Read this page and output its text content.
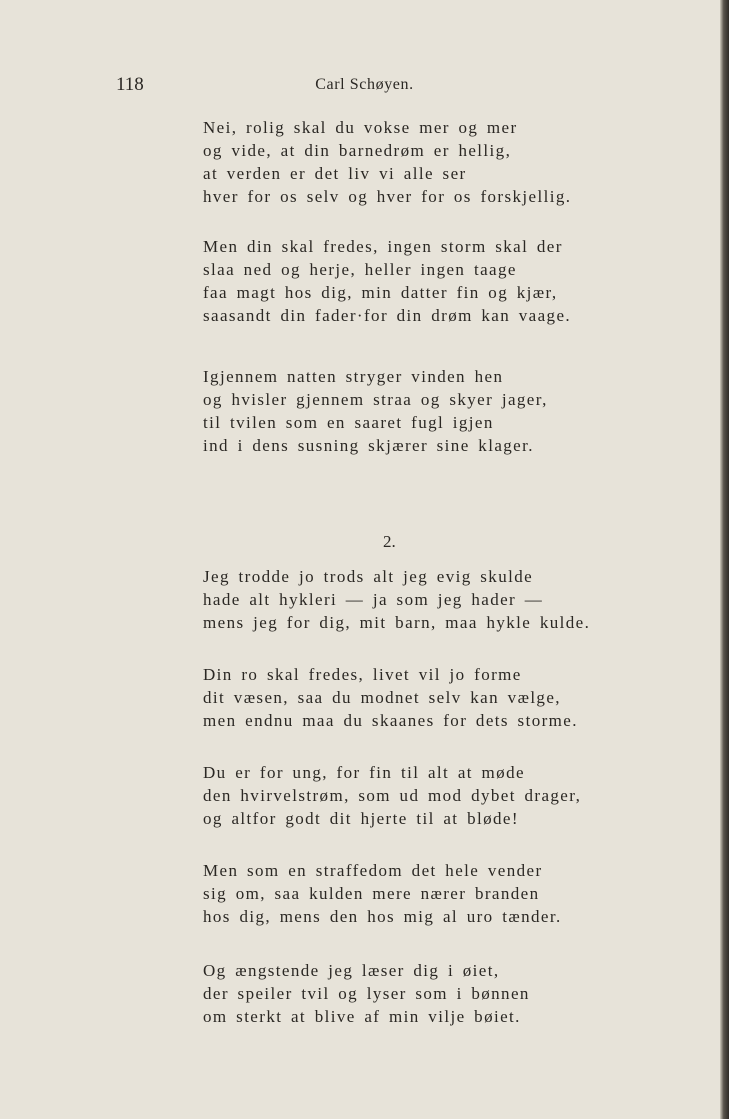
118	Carl Schøyen.
Nei, rolig skal du vokse mer og mer
og vide, at din barnedrøm er hellig,
at verden er det liv vi alle ser
hver for os selv og hver for os forskjellig.
Men din skal fredes, ingen storm skal der
slaa ned og herje, heller ingen taage
faa magt hos dig, min datter fin og kjær,
saasandt din fader·for din drøm kan vaage.
Igjennem natten stryger vinden hen
og hvisler gjennem straa og skyer jager,
til tvilen som en saaret fugl igjen
ind i dens susning skjærer sine klager.
2.
Jeg trodde jo trods alt jeg evig skulde
hade alt hykleri — ja som jeg hader —
mens jeg for dig, mit barn, maa hykle kulde.
Din ro skal fredes, livet vil jo forme
dit væsen, saa du modnet selv kan vælge,
men endnu maa du skaanes for dets storme.
Du er for ung, for fin til alt at møde
den hvirvelstrøm, som ud mod dybet drager,
og altfor godt dit hjerte til at bløde!
Men som en straffedom det hele vender
sig om, saa kulden mere nærer branden
hos dig, mens den hos mig al uro tænder.
Og ængstende jeg læser dig i øiet,
der speiler tvil og lyser som i bønnen
om sterkt at blive af min vilje bøiet.
